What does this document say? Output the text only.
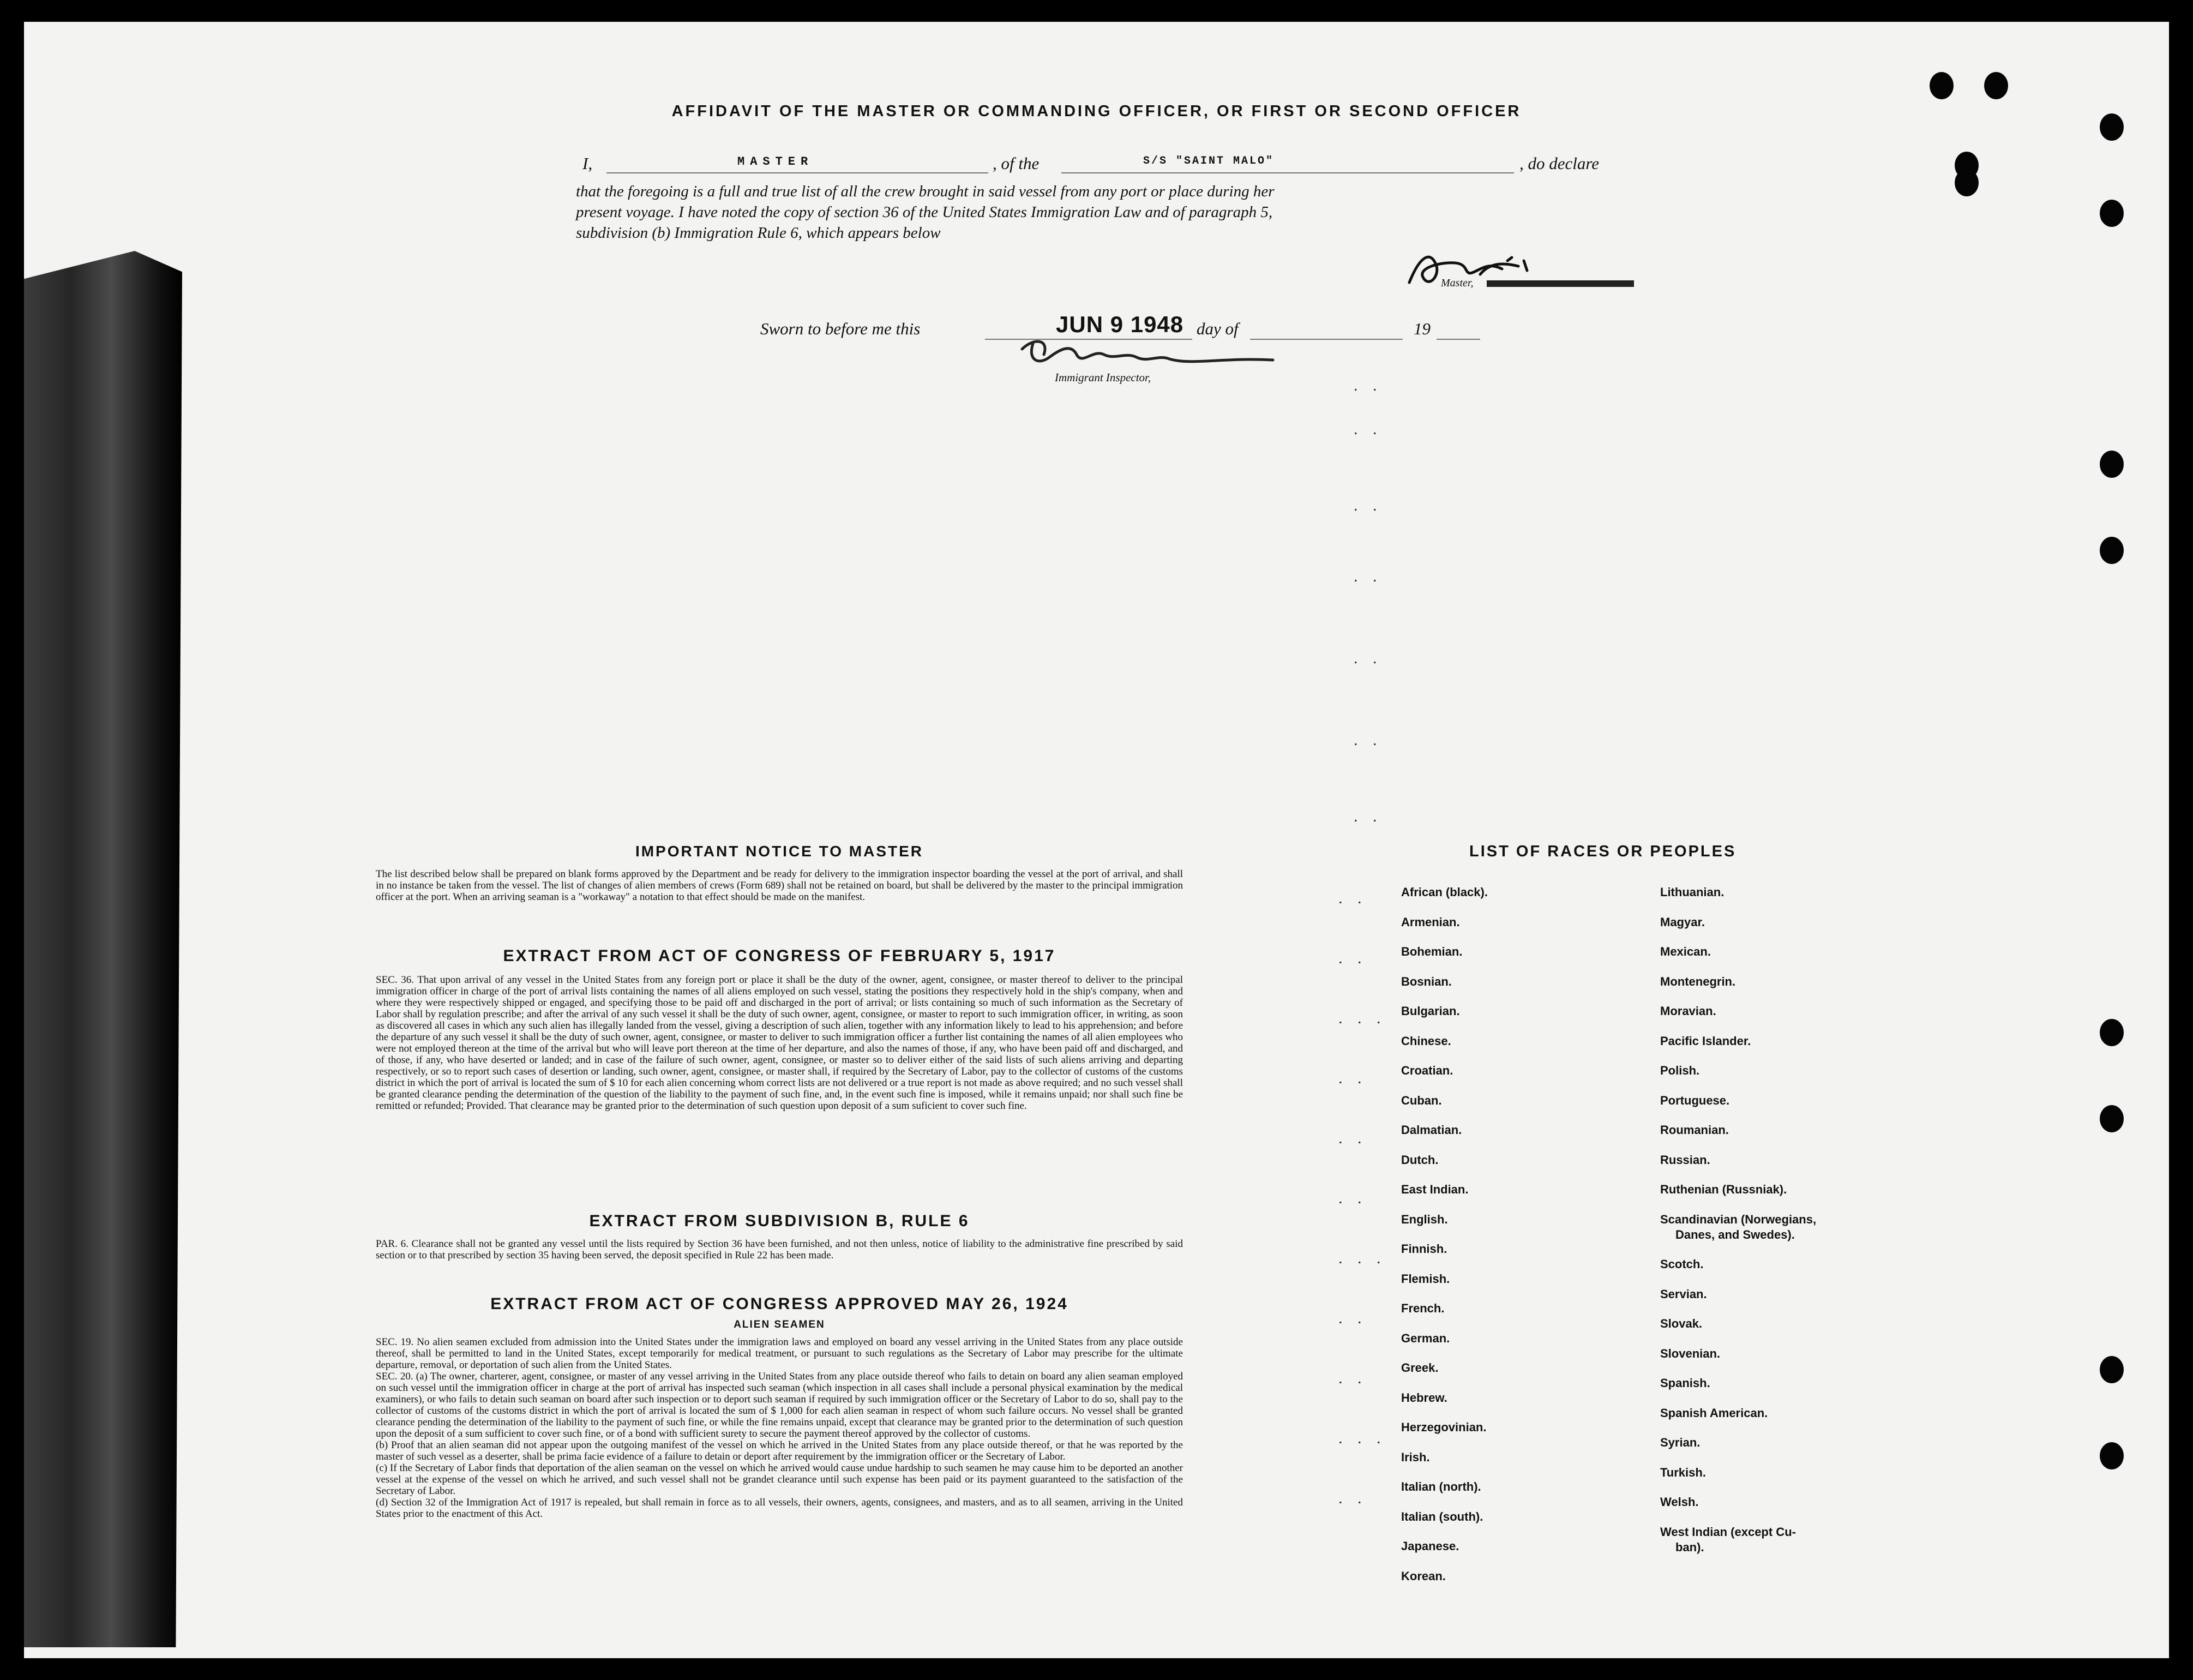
AFFIDAVIT OF THE MASTER OR COMMANDING OFFICER, OR FIRST OR SECOND OFFICER
I,	MASTER	, of the	S/S "SAINT MALO"	, do declare
that the foregoing is a full and true list of all the crew brought in said vessel from any port or place during her
present voyage. I have noted the copy of section 36 of the United States Immigration Law and of paragraph 5,
subdivision (b) Immigration Rule 6, which appears below
Master,
Sworn to before me this	JUN 9 1948 day of	19
Immigrant Inspector,	. .
. .
. .
. .
. .
. .
. .
IMPORTANT NOTICE TO MASTER

The list described below shall be prepared on blank forms approved by the Department and be ready for delivery to the immigration inspector boarding the vessel at the port of arrival, and shall in no instance be taken from the vessel. The list of changes of alien members of crews (Form 689) shall not be retained on board, but shall be delivered by the master to the principal immigration officer at the port. When an arriving seaman is a "workaway" a notation to that effect should be made on the manifest.

EXTRACT FROM ACT OF CONGRESS OF FEBRUARY 5, 1917

SEC. 36. That upon arrival of any vessel in the United States from any foreign port or place it shall be the duty of the owner, agent, consignee, or master thereof to deliver to the principal immigration officer in charge of the port of arrival lists containing the names of all aliens employed on such vessel, stating the positions they respectively hold in the ship's company, when and where they were respectively shipped or engaged, and specifying those to be paid off and discharged in the port of arrival; or lists containing so much of such information as the Secretary of Labor shall by regulation prescribe; and after the arrival of any such vessel it shall be the duty of such owner, agent, consignee, or master to report to such immigration officer, in writing, as soon as discovered all cases in which any such alien has illegally landed from the vessel, giving a description of such alien, together with any information likely to lead to his apprehension; and before the departure of any such vessel it shall be the duty of such owner, agent, consignee, or master to deliver to such immigration officer a further list containing the names of all alien employees who were not employed thereon at the time of the arrival but who will leave port thereon at the time of her departure, and also the names of those, if any, who have been paid off and discharged, and of those, if any, who have deserted or landed; and in case of the failure of such owner, agent, consignee, or master so to deliver either of the said lists of such aliens arriving and departing respectively, or so to report such cases of desertion or landing, such owner, agent, consignee, or master shall, if required by the Secretary of Labor, pay to the collector of customs of the customs district in which the port of arrival is located the sum of $ 10 for each alien concerning whom correct lists are not delivered or a true report is not made as above required; and no such vessel shall be granted clearance pending the determination of the question of the liability to the payment of such fine, and, in the event such fine is imposed, while it remains unpaid; nor shall such fine be remitted or refunded; Provided. That clearance may be granted prior to the determination of such question upon deposit of a sum suficient to cover such fine.

EXTRACT FROM SUBDIVISION B, RULE 6

PAR. 6. Clearance shall not be granted any vessel until the lists required by Section 36 have been furnished, and not then unless, notice of liability to the administrative fine prescribed by said section or to that prescribed by section 35 having been served, the deposit specified in Rule 22 has been made.

EXTRACT FROM ACT OF CONGRESS APPROVED MAY 26, 1924
ALIEN SEAMEN

SEC. 19. No alien seamen excluded from admission into the United States under the immigration laws and employed on board any vessel arriving in the United States from any place outside thereof, shall be permitted to land in the United States, except temporarily for medical treatment, or pursuant to such regulations as the Secretary of Labor may prescribe for the ultimate departure, removal, or deportation of such alien from the United States.

SEC. 20. (a) The owner, charterer, agent, consignee, or master of any vessel arriving in the United States from any place outside thereof who fails to detain on board any alien seaman employed on such vessel until the immigration officer in charge at the port of arrival has inspected such seaman (which inspection in all cases shall include a personal physical examination by the medical examiners), or who fails to detain such seaman on board after such inspection or to deport such seaman if required by such immigration officer or the Secretary of Labor to do so, shall pay to the collector of customs of the customs district in which the port of arrival is located the sum of $ 1,000 for each alien seaman in respect of whom such failure occurs. No vessel shall be granted clearance pending the determination of the liability to the payment of such fine, or while the fine remains unpaid, except that clearance may be granted prior to the determination of such question upon the deposit of a sum sufficient to cover such fine, or of a bond with sufficient surety to secure the payment thereof approved by the collector of customs.

(b) Proof that an alien seaman did not appear upon the outgoing manifest of the vessel on which he arrived in the United States from any place outside thereof, or that he was reported by the master of such vessel as a deserter, shall be prima facie evidence of a failure to detain or deport after requirement by the immigration officer or the Secretary of Labor.

(c) If the Secretary of Labor finds that deportation of the alien seaman on the vessel on which he arrived would cause undue hardship to such seamen he may cause him to be deported an another vessel at the expense of the vessel on which he arrived, and such vessel shall not be grandet clearance until such expense has been paid or its payment guaranteed to the satisfaction of the Secretary of Labor.

(d) Section 32 of the Immigration Act of 1917 is repealed, but shall remain in force as to all vessels, their owners, agents, consignees, and masters, and as to all seamen, arriving in the United States prior to the enactment of this Act.

LIST OF RACES OR PEOPLES
African (black).
Armenian.
Bohemian.
Bosnian.
Bulgarian.
Chinese.
Croatian.
Cuban.
Dalmatian.
Dutch.
East Indian.
English.
Finnish.
Flemish.
French.
German.
Greek.
Hebrew.
Herzegovinian.
Irish.
Italian (north).
Italian (south).
Japanese.
Korean.
Lithuanian.
Magyar.
Mexican.
Montenegrin.
Moravian.
Pacific Islander.
Polish.
Portuguese.
Roumanian.
Russian.
Ruthenian (Russniak).
Scandinavian (Norwegians,
Danes, and Swedes).
Scotch.
Servian.
Slovak.
Slovenian.
Spanish.
Spanish American.
Syrian.
Turkish.
Welsh.
West Indian (except Cu-
ban).
. .
. .
. . .
. .
. .
. .
. . .
. .
. .
. . .
. .
